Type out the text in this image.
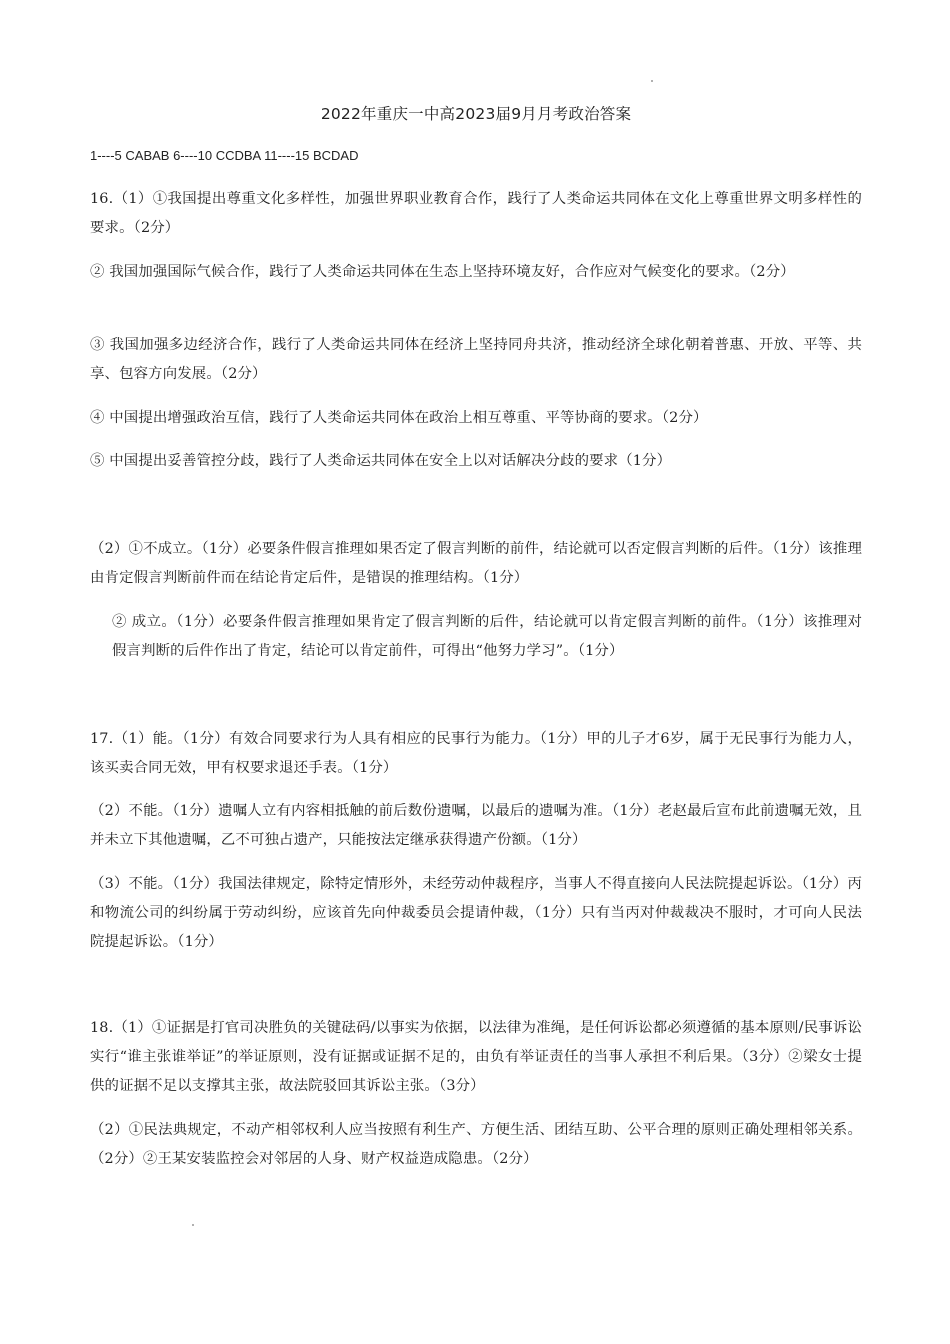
2022年重庆一中高2023届9月月考政治答案
1----5 CABAB 6----10 CCDBA 11----15 BCDAD
16.（1）①我国提出尊重文化多样性，加强世界职业教育合作，践行了人类命运共同体在文化上尊重世界文明多样性的要求。（2分）
② 我国加强国际气候合作，践行了人类命运共同体在生态上坚持环境友好，合作应对气候变化的要求。（2分）
③ 我国加强多边经济合作，践行了人类命运共同体在经济上坚持同舟共济，推动经济全球化朝着普惠、开放、平等、共享、包容方向发展。（2分）
④ 中国提出增强政治互信，践行了人类命运共同体在政治上相互尊重、平等协商的要求。（2分）
⑤ 中国提出妥善管控分歧，践行了人类命运共同体在安全上以对话解决分歧的要求（1分）
（2）①不成立。（1分）必要条件假言推理如果否定了假言判断的前件，结论就可以否定假言判断的后件。（1分）该推理由肯定假言判断前件而在结论肯定后件，是错误的推理结构。（1分）
② 成立。（1分）必要条件假言推理如果肯定了假言判断的后件，结论就可以肯定假言判断的前件。（1分）该推理对假言判断的后件作出了肯定，结论可以肯定前件，可得出“他努力学习”。（1分）
17.（1）能。（1分）有效合同要求行为人具有相应的民事行为能力。（1分）甲的儿子才6岁，属于无民事行为能力人，该买卖合同无效，甲有权要求退还手表。（1分）
（2）不能。（1分）遗嘱人立有内容相抵触的前后数份遗嘱，以最后的遗嘱为准。（1分）老赵最后宣布此前遗嘱无效，且并未立下其他遗嘱，乙不可独占遗产，只能按法定继承获得遗产份额。（1分）
（3）不能。（1分）我国法律规定，除特定情形外，未经劳动仲裁程序，当事人不得直接向人民法院提起诉讼。（1分）丙和物流公司的纠纷属于劳动纠纷，应该首先向仲裁委员会提请仲裁，（1分）只有当丙对仲裁裁决不服时，才可向人民法院提起诉讼。（1分）
18.（1）①证据是打官司决胜负的关键砝码/以事实为依据，以法律为准绳，是任何诉讼都必须遵循的基本原则/民事诉讼实行“谁主张谁举证”的举证原则，没有证据或证据不足的，由负有举证责任的当事人承担不利后果。（3分）②梁女士提供的证据不足以支撑其主张，故法院驳回其诉讼主张。（3分）
（2）①民法典规定，不动产相邻权利人应当按照有利生产、方便生活、团结互助、公平合理的原则正确处理相邻关系。（2分）②王某安装监控会对邻居的人身、财产权益造成隐患。（2分）
